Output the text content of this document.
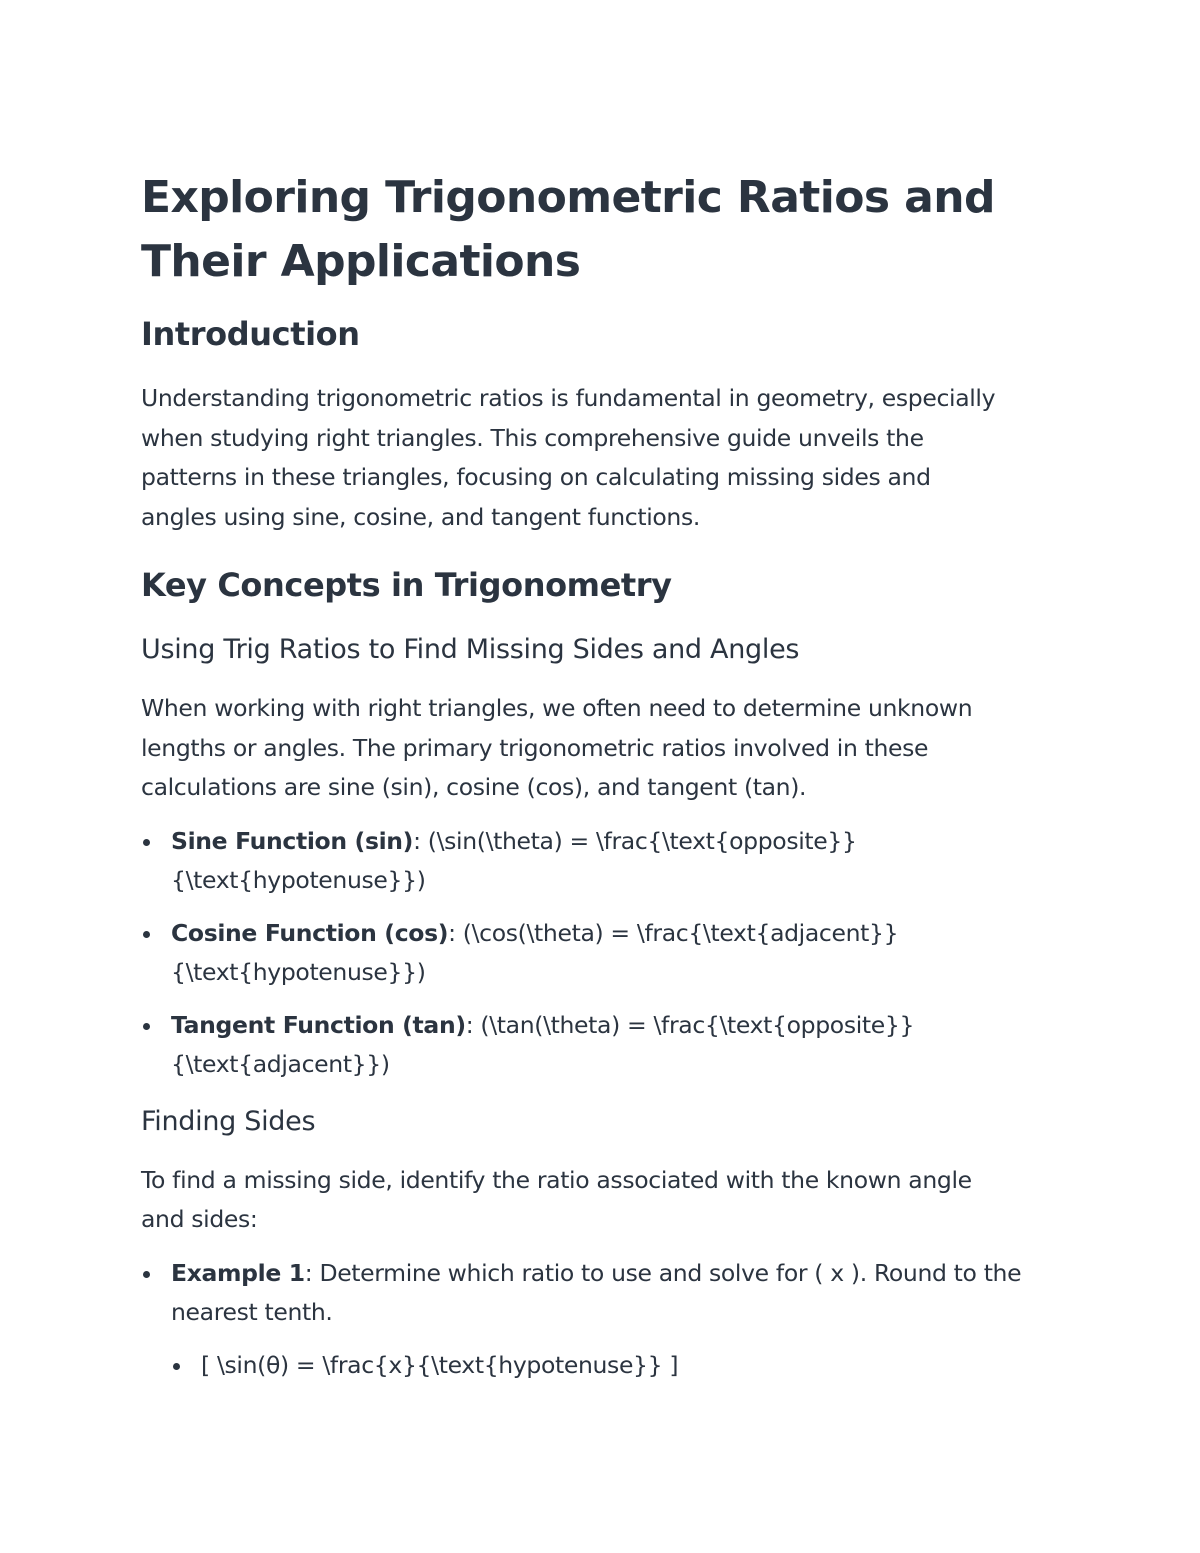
Exploring Trigonometric Ratios and
Their Applications
Introduction

Understanding trigonometric ratios is fundamental in geometry, especially
when studying right triangles. This comprehensive guide unveils the
patterns in these triangles, focusing on calculating missing sides and
angles using sine, cosine, and tangent functions.

Key Concepts in Trigonometry
Using Trig Ratios to Find Missing Sides and Angles

When working with right triangles, we often need to determine unknown
lengths or angles. The primary trigonometric ratios involved in these
calculations are sine (sin), cosine (cos), and tangent (tan).

Sine Function (sin): (\sin(\theta) = \frac{\text{opposite}}
{\text{hypotenuse}})
Cosine Function (cos): (\cos(\theta) = \frac{\text{adjacent}}
{\text{hypotenuse}})
Tangent Function (tan): (\tan(\theta) = \frac{\text{opposite}}
{\text{adjacent}})
Finding Sides

To find a missing side, identify the ratio associated with the known angle
and sides:

Example 1: Determine which ratio to use and solve for ( x ). Round to the
nearest tenth.
[ \sin(θ) = \frac{x}{\text{hypotenuse}} ]
